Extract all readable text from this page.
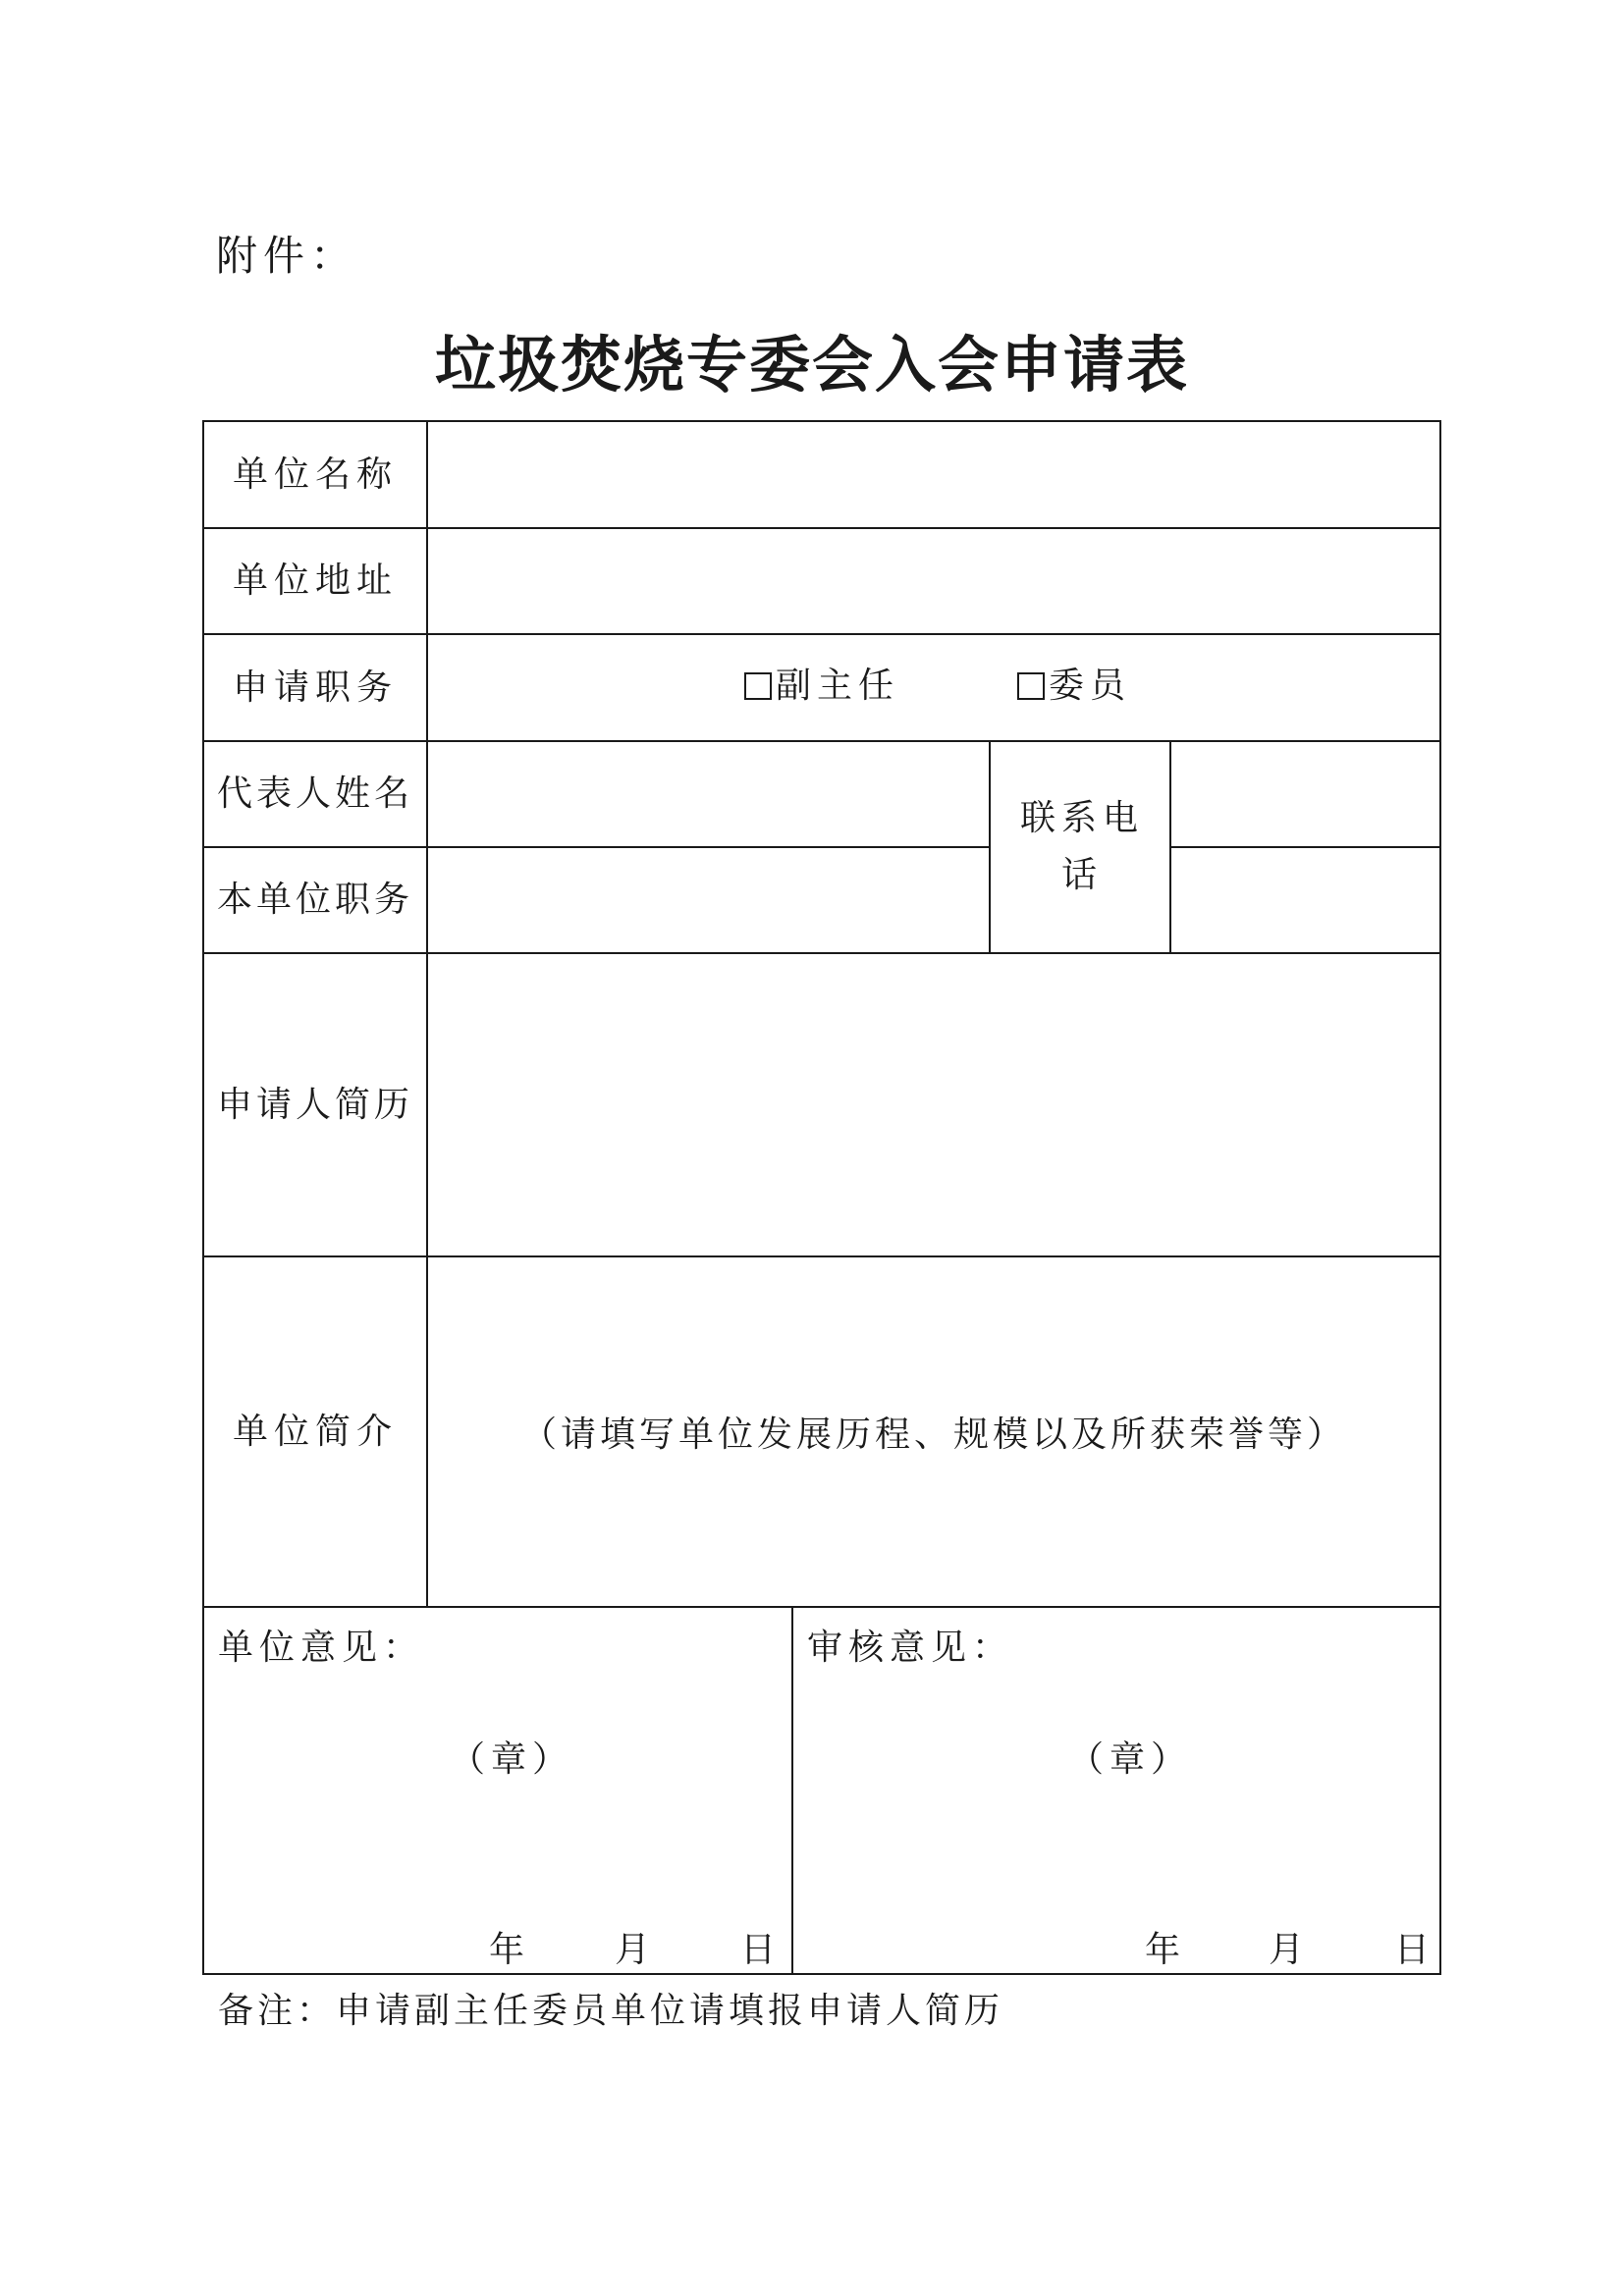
附件：
垃圾焚烧专委会入会申请表
单位名称
单位地址
申请职务
代表人姓名
本单位职务
联系电话
申请人简历
单位简介
副主任	委员
（请填写单位发展历程、规模以及所获荣誉等）
单位意见：
（章）
年 月 日
审核意见：
（章）
年 月 日
备注：申请副主任委员单位请填报申请人简历
